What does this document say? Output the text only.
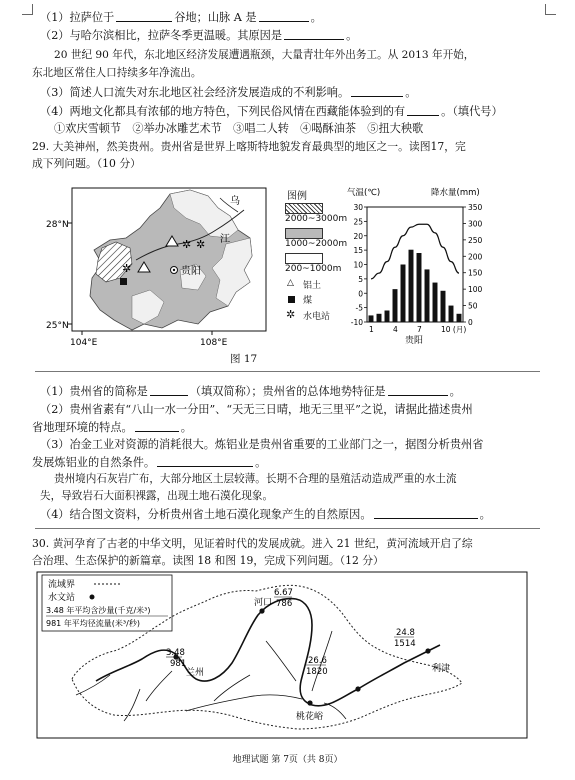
（1）拉萨位于	谷地；山脉 A 是	。
（2）与哈尔滨相比，拉萨冬季更温暖。其原因是	。
20 世纪 90 年代，东北地区经济发展遭遇瓶颈，大量青壮年外出务工。从 2013 年开始，
东北地区常住人口持续多年净流出。
（3）简述人口流失对东北地区社会经济发展造成的不利影响。	。
（4）两地文化都具有浓郁的地方特色，下列民俗风情在西藏能体验到的有	。（填代号）
①欢庆雪顿节　②举办冰雕艺术节　③唱二人转　④喝酥油茶　⑤扭大秧歌
29. 大美神州，然美贵州。贵州省是世界上喀斯特地貌发育最典型的地区之一。读图17，完
成下列问题。（10 分）
28°N
25°N
104°E	108°E
乌
江
✲ ✲
✲	贵阳
图例
2000~3000m
1000~2000m
200~1000m
△ 铝土
煤
✲ 水电站
气温(℃)	降水量(mm)
-10
-5
0
5
10
15
20
25
30
0
50
100
150
200
250
300
350
1	4	7	10 (月)
贵阳
图 17
（1）贵州省的简称是	（填双简称）；贵州省的总体地势特征是	。
（2）贵州省素有“八山一水一分田”、“天无三日晴，地无三里平”之说，请据此描述贵州
省地理环境的特点。	。
（3）冶金工业对资源的消耗很大。炼铝业是贵州省重要的工业部门之一，据图分析贵州省
发展炼铝业的自然条件。	。
贵州境内石灰岩广布，大部分地区土层较薄。长期不合理的垦殖活动造成严重的水土流
失，导致岩石大面积裸露，出现土地石漠化现象。
（4）结合图文资料，分析贵州省土地石漠化现象产生的自然原因。	。
30. 黄河孕育了古老的中华文明，见证着时代的发展成就。进入 21 世纪，黄河流域开启了综
合治理、生态保护的新篇章。读图 18 和图 19，完成下列问题。（12 分）
流域界
水文站
3.48 年平均含沙量(千克/米³)
981 年平均径流量(米³/秒)
6.67
786
河口
3.48
981
兰州
26.6
1820
桃花峪
24.8
1514
利津
地理试题 第 7页（共 8页）
